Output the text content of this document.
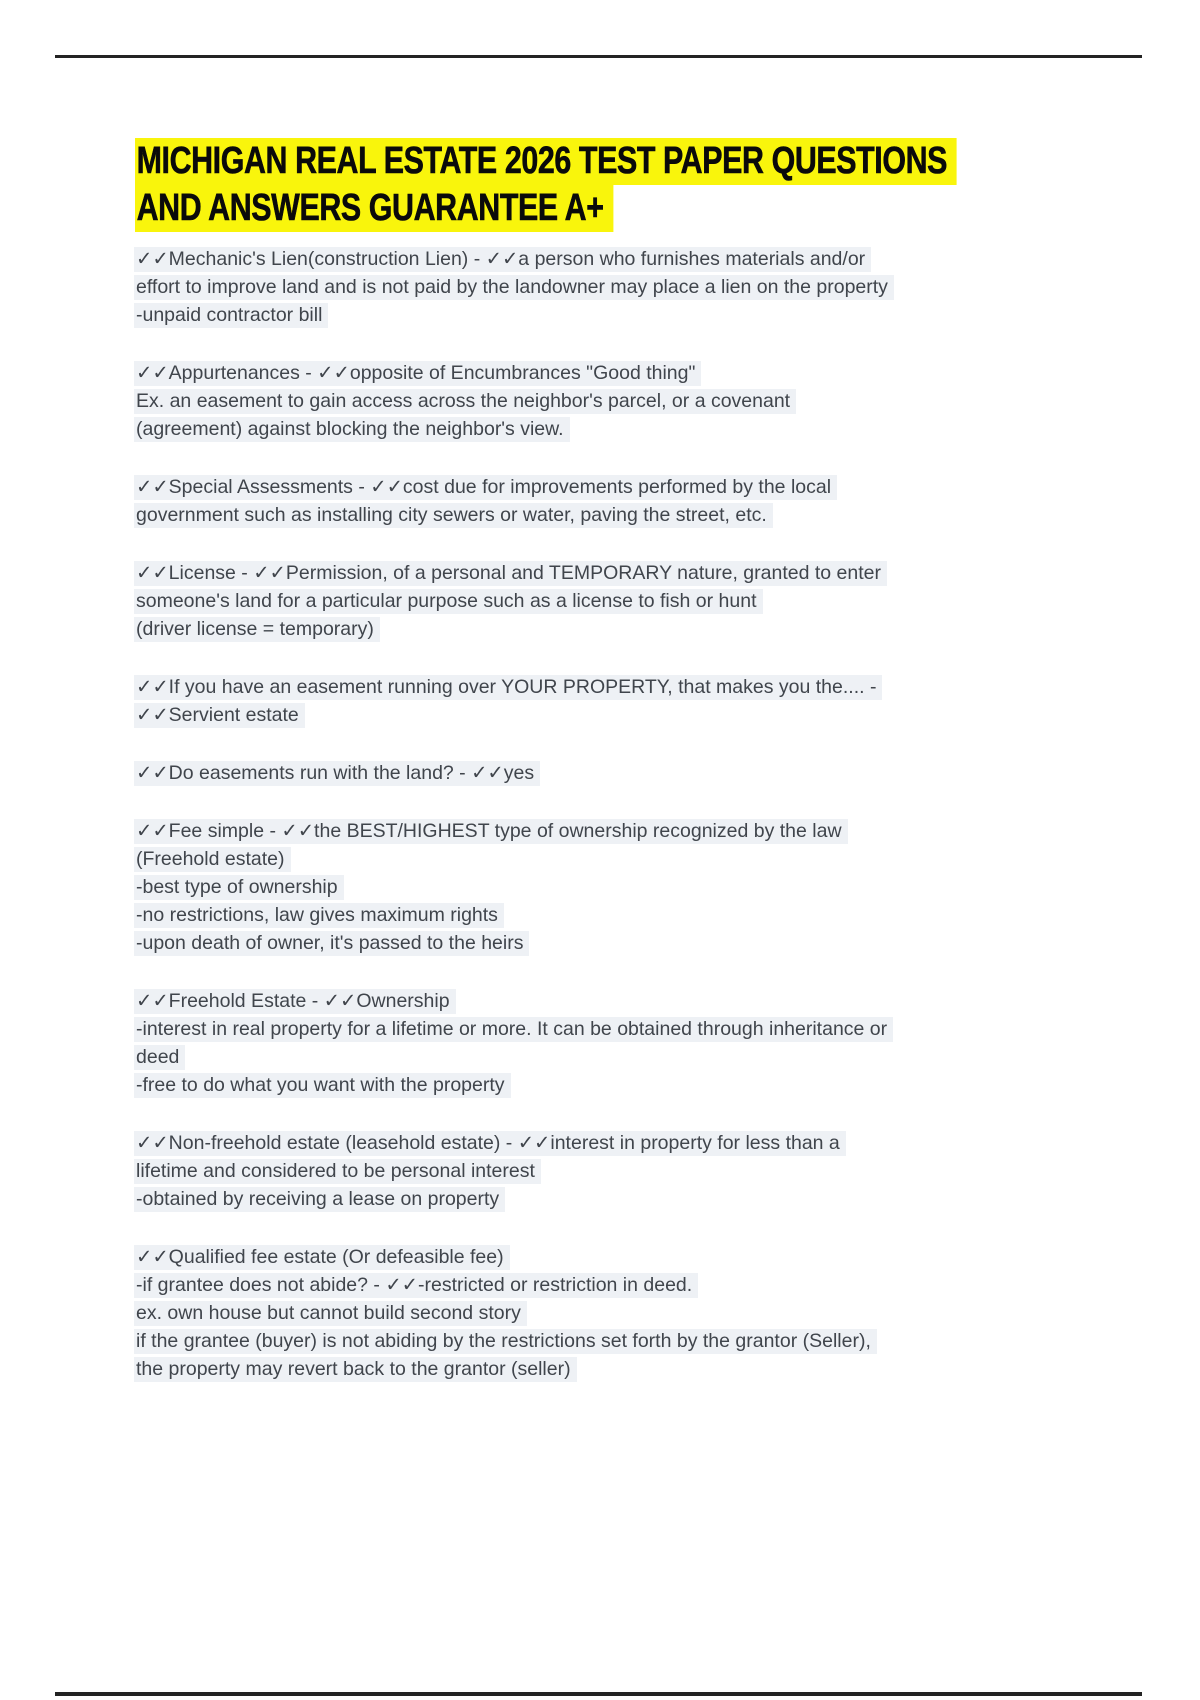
MICHIGAN REAL ESTATE 2026 TEST PAPER QUESTIONS
AND ANSWERS GUARANTEE A+
✓✓Mechanic's Lien(construction Lien) - ✓✓a person who furnishes materials and/or
effort to improve land and is not paid by the landowner may place a lien on the property
-unpaid contractor bill
✓✓Appurtenances - ✓✓opposite of Encumbrances "Good thing"
Ex. an easement to gain access across the neighbor's parcel, or a covenant
(agreement) against blocking the neighbor's view.
✓✓Special Assessments - ✓✓cost due for improvements performed by the local
government such as installing city sewers or water, paving the street, etc.
✓✓License - ✓✓Permission, of a personal and TEMPORARY nature, granted to enter
someone's land for a particular purpose such as a license to fish or hunt
(driver license = temporary)
✓✓If you have an easement running over YOUR PROPERTY, that makes you the.... -
✓✓Servient estate
✓✓Do easements run with the land? - ✓✓yes
✓✓Fee simple - ✓✓the BEST/HIGHEST type of ownership recognized by the law
(Freehold estate)
-best type of ownership
-no restrictions, law gives maximum rights
-upon death of owner, it's passed to the heirs
✓✓Freehold Estate - ✓✓Ownership
-interest in real property for a lifetime or more. It can be obtained through inheritance or
deed
-free to do what you want with the property
✓✓Non-freehold estate (leasehold estate) - ✓✓interest in property for less than a
lifetime and considered to be personal interest
-obtained by receiving a lease on property
✓✓Qualified fee estate (Or defeasible fee)
-if grantee does not abide? - ✓✓-restricted or restriction in deed.
ex. own house but cannot build second story
if the grantee (buyer) is not abiding by the restrictions set forth by the grantor (Seller),
the property may revert back to the grantor (seller)
